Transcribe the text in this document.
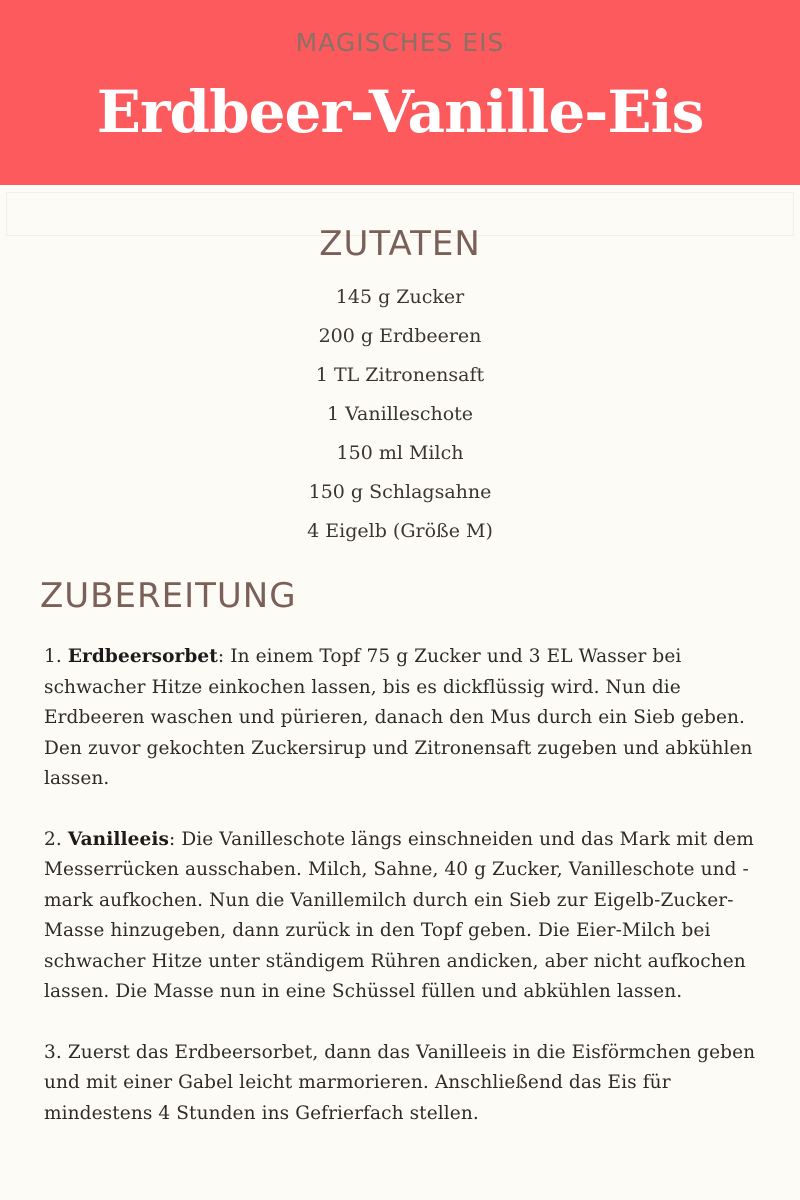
MAGISCHES EIS
Erdbeer-Vanille-Eis
ZUTATEN
145 g Zucker
200 g Erdbeeren
1 TL Zitronensaft
1 Vanilleschote
150 ml Milch
150 g Schlagsahne
4 Eigelb (Größe M)
ZUBEREITUNG

1. Erdbeersorbet: In einem Topf 75 g Zucker und 3 EL Wasser bei schwacher Hitze einkochen lassen, bis es dickflüssig wird. Nun die Erdbeeren waschen und pürieren, danach den Mus durch ein Sieb geben. Den zuvor gekochten Zuckersirup und Zitronensaft zugeben und abkühlen lassen.

2. Vanilleeis: Die Vanilleschote längs einschneiden und das Mark mit dem Messerrücken ausschaben. Milch, Sahne, 40 g Zucker, Vanilleschote und -mark aufkochen. Nun die Vanillemilch durch ein Sieb zur Eigelb-Zucker-Masse hinzugeben, dann zurück in den Topf geben. Die Eier-Milch bei schwacher Hitze unter ständigem Rühren andicken, aber nicht aufkochen lassen. Die Masse nun in eine Schüssel füllen und abkühlen lassen.

3. Zuerst das Erdbeersorbet, dann das Vanilleeis in die Eisförmchen geben und mit einer Gabel leicht marmorieren. Anschließend das Eis für mindestens 4 Stunden ins Gefrierfach stellen.
